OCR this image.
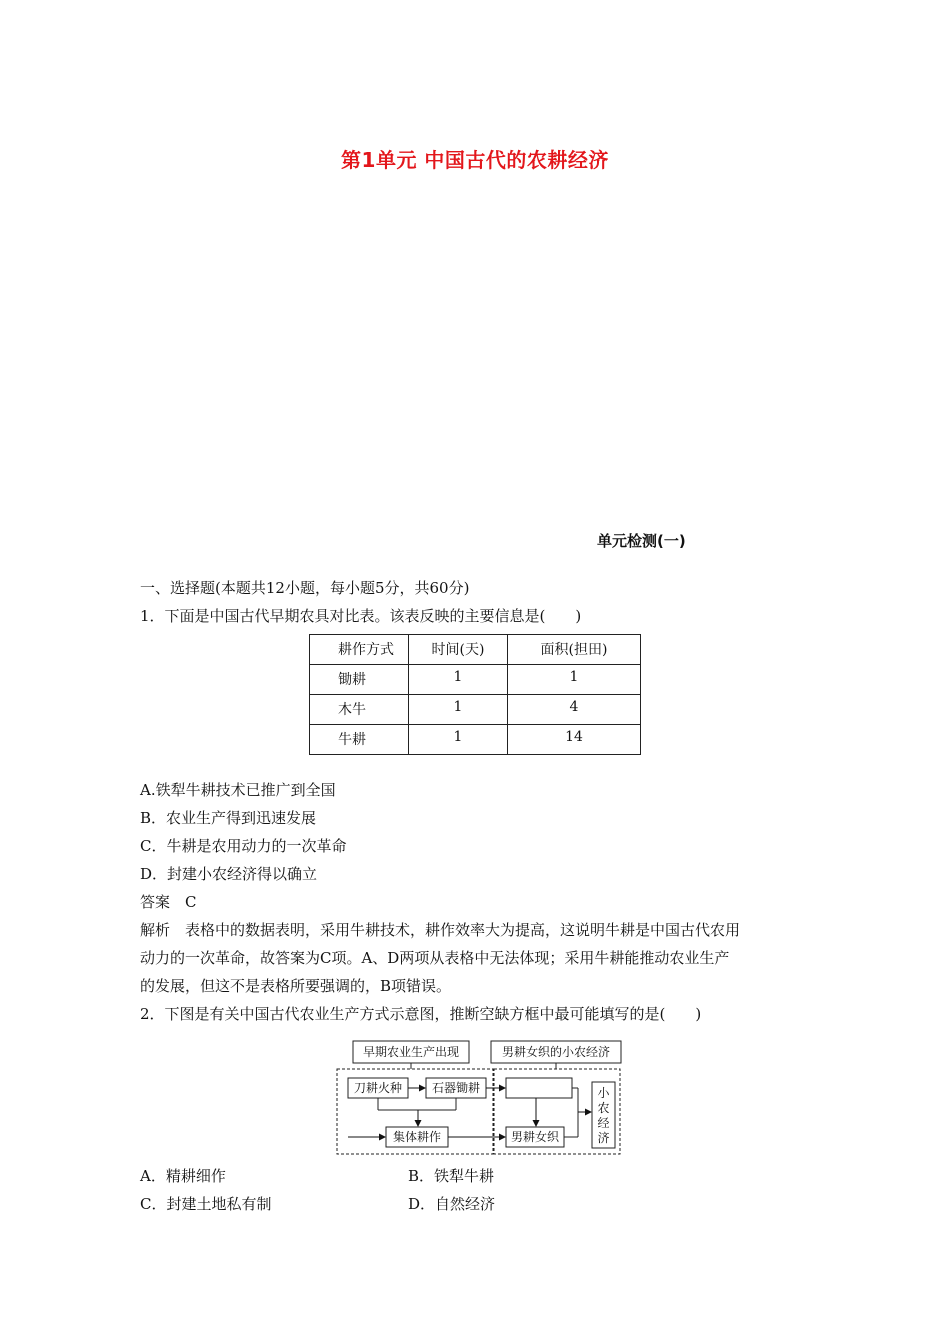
第1单元 中国古代的农耕经济
单元检测(一)
一、选择题(本题共12小题，每小题5分，共60分)
1．下面是中国古代早期农具对比表。该表反映的主要信息是(　　)
耕作方式	时间(天)	面积(担田)

锄耕	1	1

木牛	1	4

牛耕	1	14
A.铁犁牛耕技术已推广到全国
B．农业生产得到迅速发展
C．牛耕是农用动力的一次革命
D．封建小农经济得以确立
答案　C
解析　表格中的数据表明，采用牛耕技术，耕作效率大为提高，这说明牛耕是中国古代农用
动力的一次革命，故答案为C项。A、D两项从表格中无法体现；采用牛耕能推动农业生产
的发展，但这不是表格所要强调的，B项错误。
2．下图是有关中国古代农业生产方式示意图，推断空缺方框中最可能填写的是(　　)
早期农业生产出现	男耕女织的小农经济
刀耕火种 石器锄耕
集体耕作	男耕女织
小
农
经
济
A．精耕细作	B．铁犁牛耕
C．封建土地私有制	D．自然经济
